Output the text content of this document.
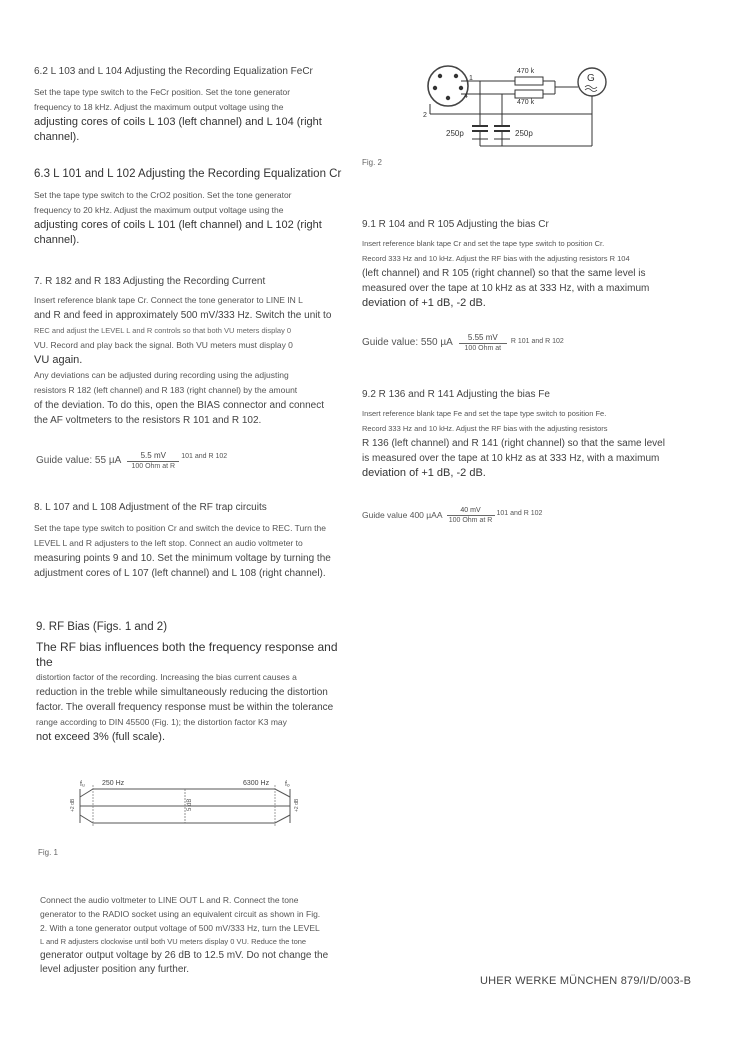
6.2 L 103 and L 104 Adjusting the Recording Equalization FeCr

Set the tape type switch to the FeCr position. Set the tone generator

frequency to 18 kHz. Adjust the maximum output voltage using the

adjusting cores of coils L 103 (left channel) and L 104 (right

channel).

6.3 L 101 and L 102 Adjusting the Recording Equalization Cr

Set the tape type switch to the CrO2 position. Set the tone generator

frequency to 20 kHz. Adjust the maximum output voltage using the

adjusting cores of coils L 101 (left channel) and L 102 (right

channel).

7. R 182 and R 183 Adjusting the Recording Current

Insert reference blank tape Cr. Connect the tone generator to LINE IN L

and R and feed in approximately 500 mV/333 Hz. Switch the unit to

REC and adjust the LEVEL L and R controls so that both VU meters display 0

VU. Record and play back the signal. Both VU meters must display 0

VU again.

Any deviations can be adjusted during recording using the adjusting

resistors R 182 (left channel) and R 183 (right channel) by the amount

of the deviation. To do this, open the BIAS connector and connect

the AF voltmeters to the resistors R 101 and R 102.

Guide value: 55 µA	5.5 mV
100 Ohm at R
101 and R 102

8. L 107 and L 108 Adjustment of the RF trap circuits

Set the tape type switch to position Cr and switch the device to REC. Turn the

LEVEL L and R adjusters to the left stop. Connect an audio voltmeter to

measuring points 9 and 10. Set the minimum voltage by turning the

adjustment cores of L 107 (left channel) and L 108 (right channel).

9. RF Bias (Figs. 1 and 2)

The RF bias influences both the frequency response and the

distortion factor of the recording. Increasing the bias current causes a

reduction in the treble while simultaneously reducing the distortion

factor. The overall frequency response must be within the tolerance

range according to DIN 45500 (Fig. 1); the distortion factor K3 may

not exceed 3% (full scale).

fᵤ 250 Hz	6300 Hz fₒ
+2 dB	5 dB	+2 dB
Fig. 1

Connect the audio voltmeter to LINE OUT L and R. Connect the tone

generator to the RADIO socket using an equivalent circuit as shown in Fig.

2. With a tone generator output voltage of 500 mV/333 Hz, turn the LEVEL

L and R adjusters clockwise until both VU meters display 0 VU. Reduce the tone

generator output voltage by 26 dB to 12.5 mV. Do not change the

level adjuster position any further.

1
4
2
470 k
470 k
G
250p	250p
Fig. 2

9.1 R 104 and R 105 Adjusting the bias Cr

Insert reference blank tape Cr and set the tape type switch to position Cr.

Record 333 Hz and 10 kHz. Adjust the RF bias with the adjusting resistors R 104

(left channel) and R 105 (right channel) so that the same level is

measured over the tape at 10 kHz as at 333 Hz, with a maximum

deviation of +1 dB, -2 dB.

Guide value: 550 µA	5.55 mV
100 Ohm at
R 101 and R 102

9.2 R 136 and R 141 Adjusting the bias Fe

Insert reference blank tape Fe and set the tape type switch to position Fe.

Record 333 Hz and 10 kHz. Adjust the RF bias with the adjusting resistors

R 136 (left channel) and R 141 (right channel) so that the same level

is measured over the tape at 10 kHz as at 333 Hz, with a maximum

deviation of +1 dB, -2 dB.

Guide value 400 µAA	40 mV
100 Ohm at R
101 and R 102
UHER WERKE MÜNCHEN 879/I/D/003-B
